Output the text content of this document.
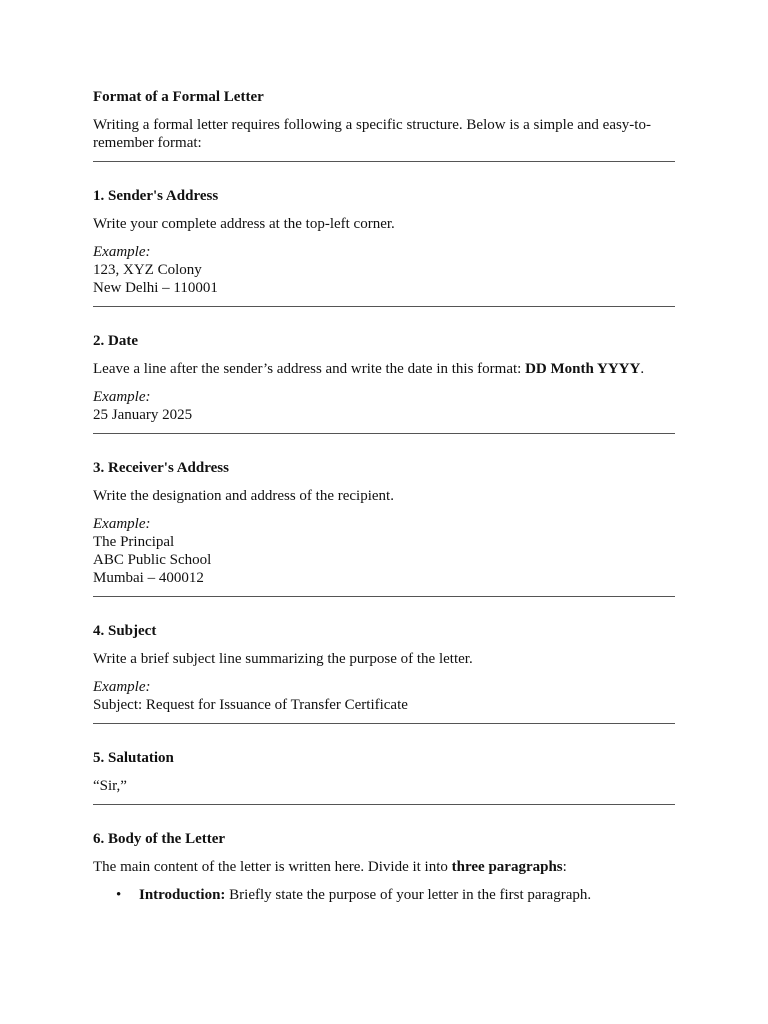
Format of a Formal Letter
Writing a formal letter requires following a specific structure. Below is a simple and easy-to-remember format:
1. Sender's Address
Write your complete address at the top-left corner.
Example:
123, XYZ Colony
New Delhi – 110001
2. Date
Leave a line after the sender’s address and write the date in this format: DD Month YYYY.
Example:
25 January 2025
3. Receiver's Address
Write the designation and address of the recipient.
Example:
The Principal
ABC Public School
Mumbai – 400012
4. Subject
Write a brief subject line summarizing the purpose of the letter.
Example:
Subject: Request for Issuance of Transfer Certificate
5. Salutation
“Sir,”
6. Body of the Letter
The main content of the letter is written here. Divide it into three paragraphs:
• Introduction: Briefly state the purpose of your letter in the first paragraph.
